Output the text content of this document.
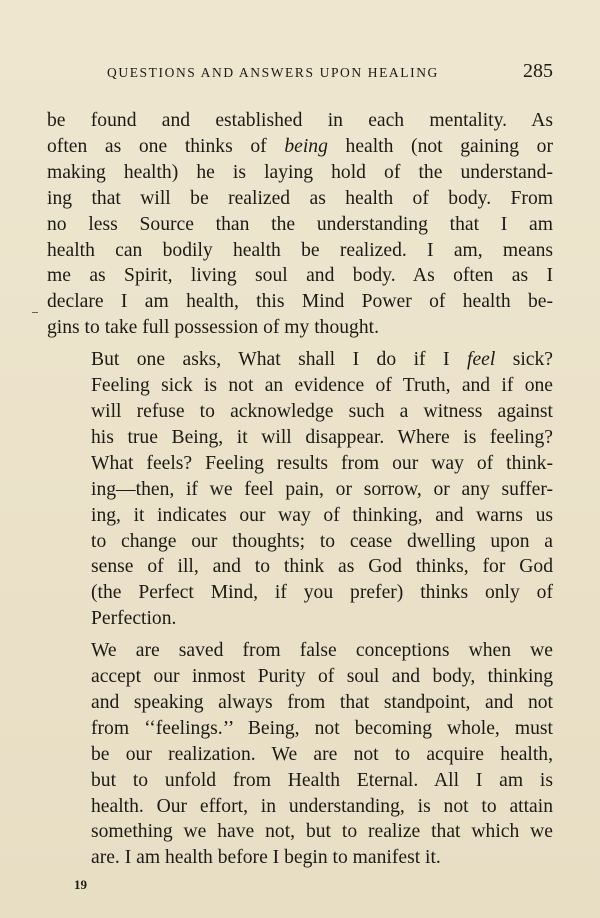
QUESTIONS AND ANSWERS UPON HEALING	285

be found and established in each mentality. As
often as one thinks of being health (not gaining or
making health) he is laying hold of the understand-
ing that will be realized as health of body. From
no less Source than the understanding that I am
health can bodily health be realized. I am, means
me as Spirit, living soul and body. As often as I
declare I am health, this Mind Power of health be-
gins to take full possession of my thought.

But one asks, What shall I do if I feel sick?
Feeling sick is not an evidence of Truth, and if one
will refuse to acknowledge such a witness against
his true Being, it will disappear. Where is feeling?
What feels? Feeling results from our way of think-
ing—then, if we feel pain, or sorrow, or any suffer-
ing, it indicates our way of thinking, and warns us
to change our thoughts; to cease dwelling upon a
sense of ill, and to think as God thinks, for God
(the Perfect Mind, if you prefer) thinks only of
Perfection.

We are saved from false conceptions when we
accept our inmost Purity of soul and body, thinking
and speaking always from that standpoint, and not
from ‘‘feelings.’’ Being, not becoming whole, must
be our realization. We are not to acquire health,
but to unfold from Health Eternal. All I am is
health. Our effort, in understanding, is not to attain
something we have not, but to realize that which we
are. I am health before I begin to manifest it.

19
